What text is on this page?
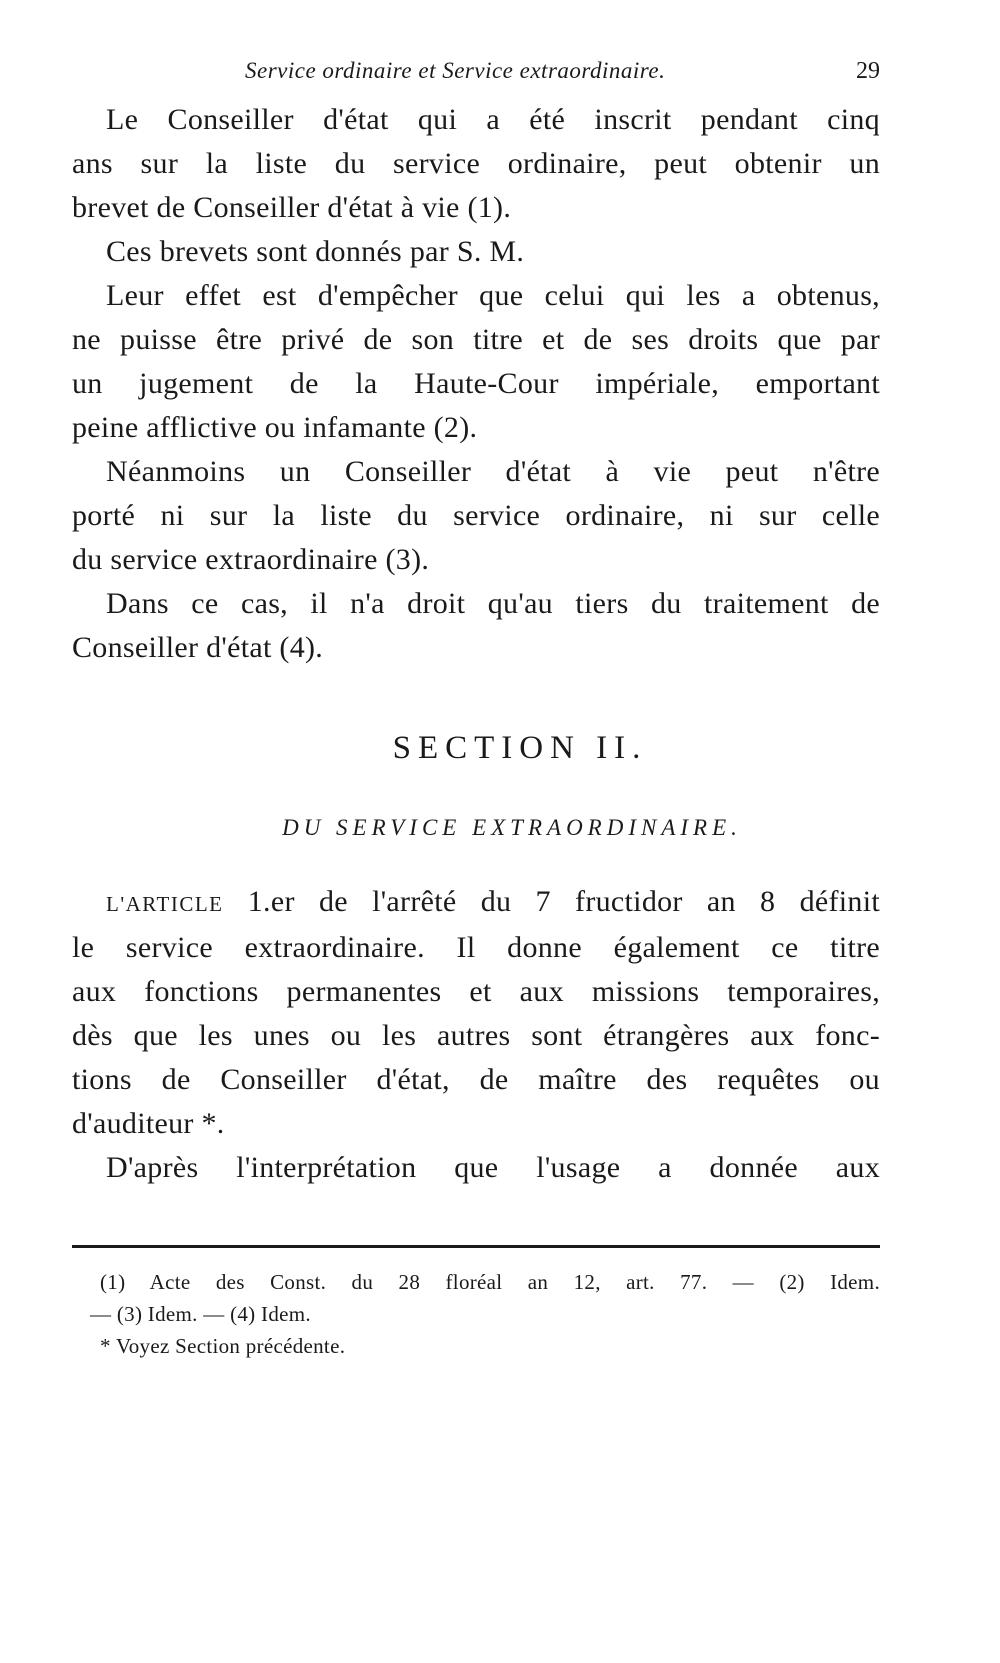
Service ordinaire et Service extraordinaire.	29
Le Conseiller d'état qui a été inscrit pendant cinq
ans sur la liste du service ordinaire, peut obtenir un
brevet de Conseiller d'état à vie (1).
Ces brevets sont donnés par S. M.
Leur effet est d'empêcher que celui qui les a obtenus,
ne puisse être privé de son titre et de ses droits que par
un jugement de la Haute-Cour impériale, emportant
peine afflictive ou infamante (2).
Néanmoins un Conseiller d'état à vie peut n'être
porté ni sur la liste du service ordinaire, ni sur celle
du service extraordinaire (3).
Dans ce cas, il n'a droit qu'au tiers du traitement de
Conseiller d'état (4).
SECTION II.
DU SERVICE EXTRAORDINAIRE.
L'ARTICLE 1.er de l'arrêté du 7 fructidor an 8 définit
le service extraordinaire. Il donne également ce titre
aux fonctions permanentes et aux missions temporaires,
dès que les unes ou les autres sont étrangères aux fonc-
tions de Conseiller d'état, de maître des requêtes ou
d'auditeur *.
D'après l'interprétation que l'usage a donnée aux
(1) Acte des Const. du 28 floréal an 12, art. 77. — (2) Idem.
— (3) Idem. — (4) Idem.
* Voyez Section précédente.
